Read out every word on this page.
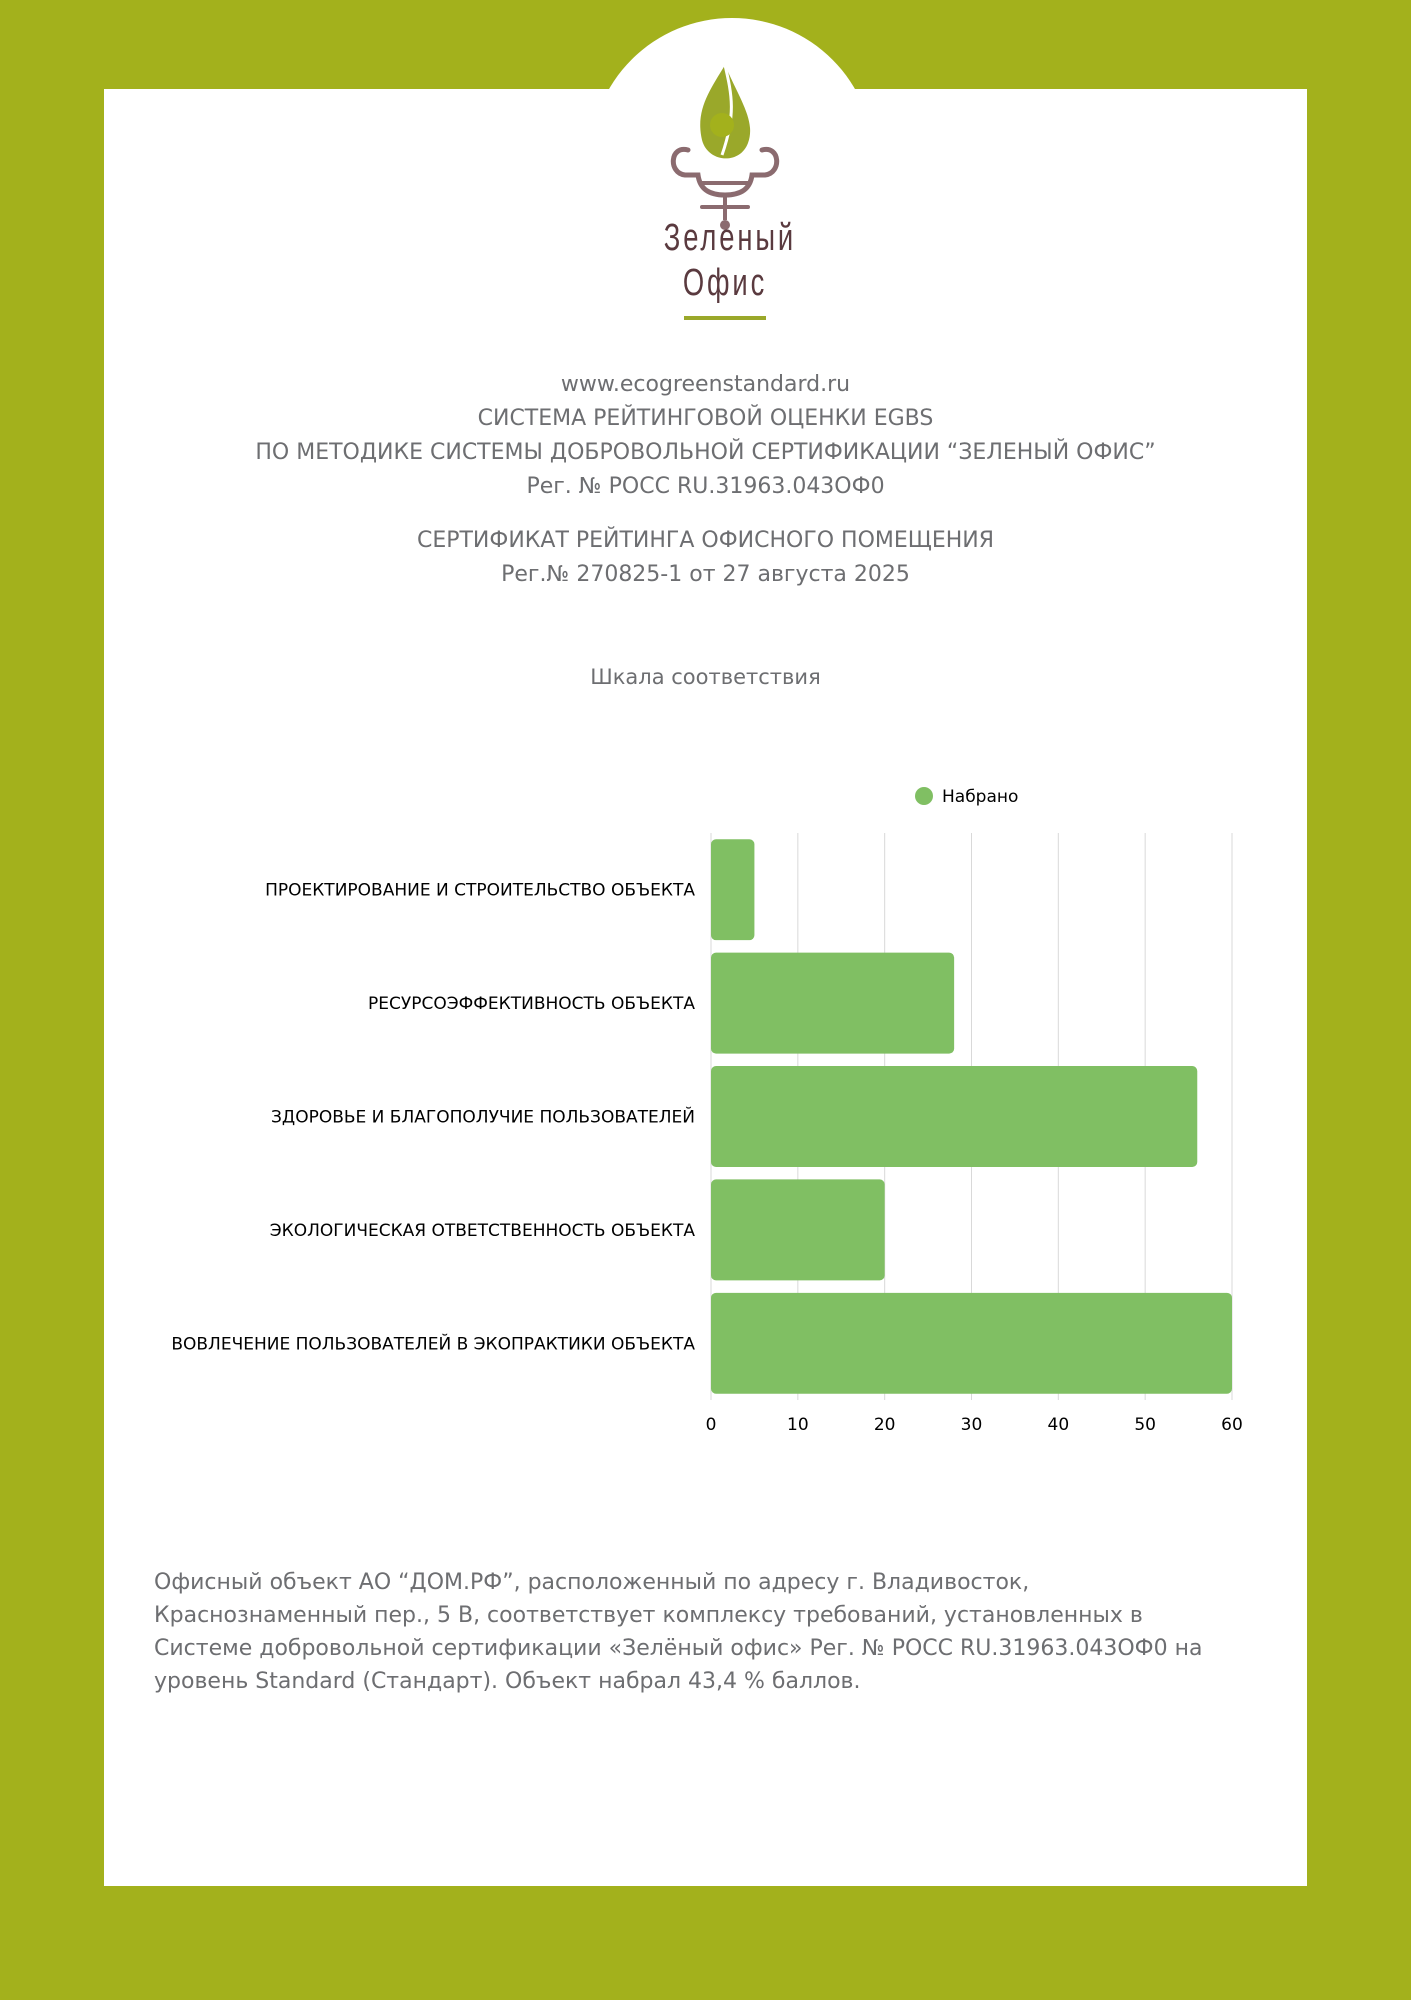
Зеленый
Офис
www.ecogreenstandard.ru
СИСТЕМА РЕЙТИНГОВОЙ ОЦЕНКИ EGBS
ПО МЕТОДИКЕ СИСТЕМЫ ДОБРОВОЛЬНОЙ СЕРТИФИКАЦИИ “ЗЕЛЕНЫЙ ОФИС”
Рег. № РОСС RU.31963.043ОФ0
СЕРТИФИКАТ РЕЙТИНГА ОФИСНОГО ПОМЕЩЕНИЯ
Рег.№ 270825-1 от 27 августа 2025
Шкала соответствия
Набрано
ПРОЕКТИРОВАНИЕ И СТРОИТЕЛЬСТВО ОБЪЕКТА
РЕСУРСОЭФФЕКТИВНОСТЬ ОБЪЕКТА
ЗДОРОВЬЕ И БЛАГОПОЛУЧИЕ ПОЛЬЗОВАТЕЛЕЙ
ЭКОЛОГИЧЕСКАЯ ОТВЕТСТВЕННОСТЬ ОБЪЕКТА
ВОВЛЕЧЕНИЕ ПОЛЬЗОВАТЕЛЕЙ В ЭКОПРАКТИКИ ОБЪЕКТА
0	10	20	30	40	50	60

Офисный объект АО “ДОМ.РФ”, расположенный по адресу г. Владивосток, Краснознаменный пер., 5 В, соответствует комплексу требований, установленных в Системе добровольной сертификации «Зелёный офис» Рег. № РОСС RU.31963.043ОФ0 на уровень Standard (Стандарт). Объект набрал 43,4 % баллов.
